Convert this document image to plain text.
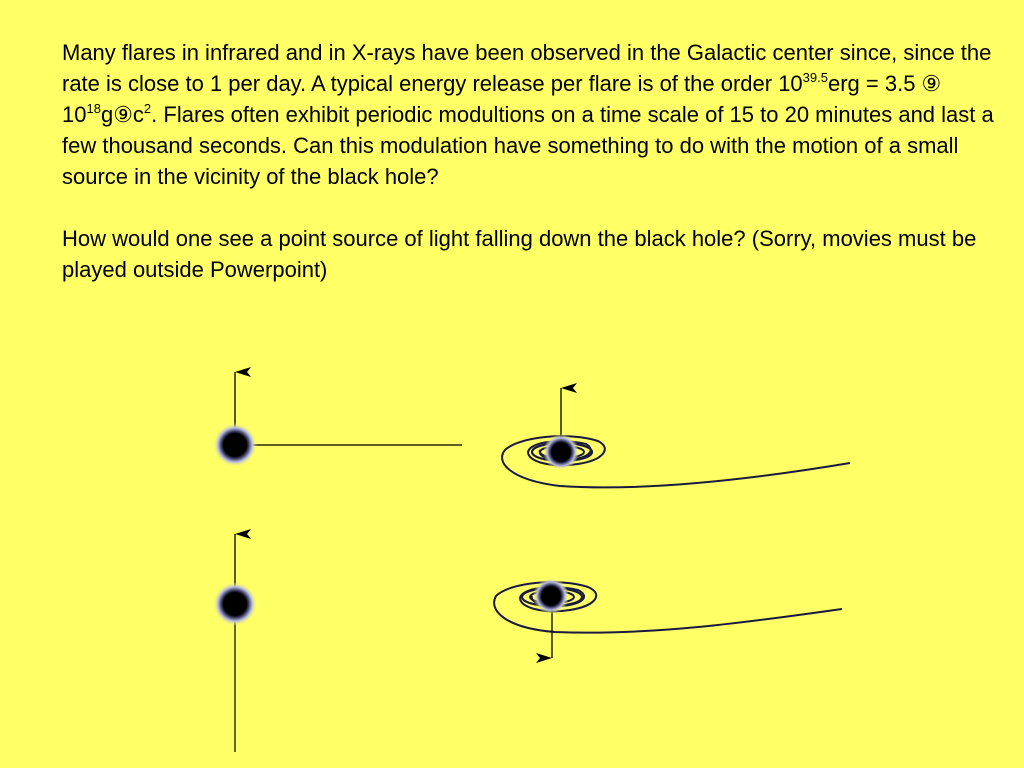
Many flares in infrared and in X-rays have been observed in the Galactic center since, since the rate is close to 1 per day. A typical energy release per flare is of the order $10^{39.5}erg = 3.5$ ⑨ $10^{18}g⑨c^2$. Flares often exhibit periodic modultions on a time scale of 15 to 20 minutes and last a few thousand seconds. Can this modulation have something to do with the motion of a small source in the vicinity of the black hole?

How would one see a point source of light falling down the black hole? (Sorry, movies must be played outside Powerpoint)
